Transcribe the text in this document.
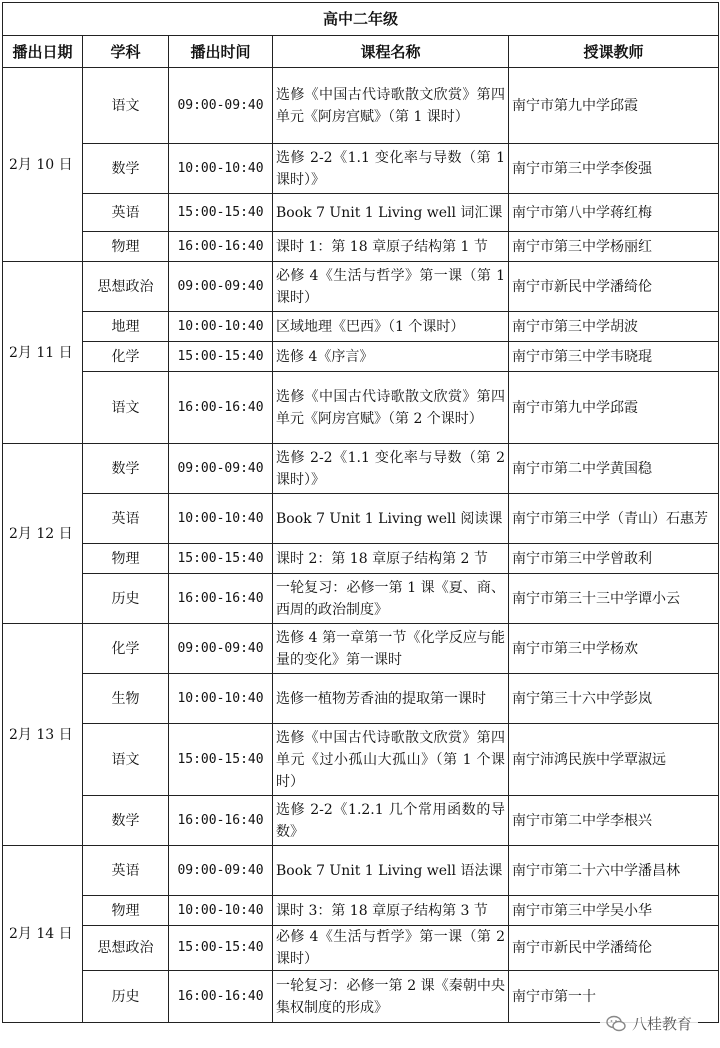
高中二年级				
播出日期	学科	播出时间	课程名称	授课教师
2月 10 日	语文	09:00-09:40	选修《中国古代诗歌散文欣赏》第四单元《阿房宫赋》（第 1 课时）	南宁市第九中学邱霞
	数学	10:00-10:40	选修 2-2《1.1 变化率与导数（第 1 课时）》	南宁市第三中学李俊强
	英语	15:00-15:40	Book 7 Unit 1 Living well 词汇课	南宁市第八中学蒋红梅
	物理	16:00-16:40	课时 1：第 18 章原子结构第 1 节	南宁市第三中学杨丽红
2月 11 日	思想政治	09:00-09:40	必修 4《生活与哲学》第一课（第 1 课时）	南宁市新民中学潘绮伦
	地理	10:00-10:40	区域地理《巴西》（1 个课时）	南宁市第三中学胡波
	化学	15:00-15:40	选修 4《序言》	南宁市第三中学韦晓琨
	语文	16:00-16:40	选修《中国古代诗歌散文欣赏》第四单元《阿房宫赋》（第 2 个课时）	南宁市第九中学邱霞
2月 12 日	数学	09:00-09:40	选修 2-2《1.1 变化率与导数（第 2 课时）》	南宁市第二中学黄国稳
	英语	10:00-10:40	Book 7 Unit 1 Living well 阅读课	南宁市第三中学（青山）石惠芳
	物理	15:00-15:40	课时 2：第 18 章原子结构第 2 节	南宁市第三中学曾敢利
	历史	16:00-16:40	一轮复习：必修一第 1 课《夏、商、西周的政治制度》	南宁市第三十三中学谭小云
2月 13 日	化学	09:00-09:40	选修 4 第一章第一节《化学反应与能量的变化》第一课时	南宁市第三中学杨欢
	生物	10:00-10:40	选修一植物芳香油的提取第一课时	南宁第三十六中学彭岚
	语文	15:00-15:40	选修《中国古代诗歌散文欣赏》第四单元《过小孤山大孤山》（第 1 个课时）	南宁沛鸿民族中学覃淑远
	数学	16:00-16:40	选修 2-2《1.2.1 几个常用函数的导数》	南宁市第二中学李根兴
2月 14 日	英语	09:00-09:40	Book 7 Unit 1 Living well 语法课	南宁市第二十六中学潘昌林
	物理	10:00-10:40	课时 3：第 18 章原子结构第 3 节	南宁市第三中学吴小华
	思想政治	15:00-15:40	必修 4《生活与哲学》第一课（第 2 课时）	南宁市新民中学潘绮伦
	历史	16:00-16:40	一轮复习：必修一第 2 课《秦朝中央集权制度的形成》	南宁市第一十
八桂教育
